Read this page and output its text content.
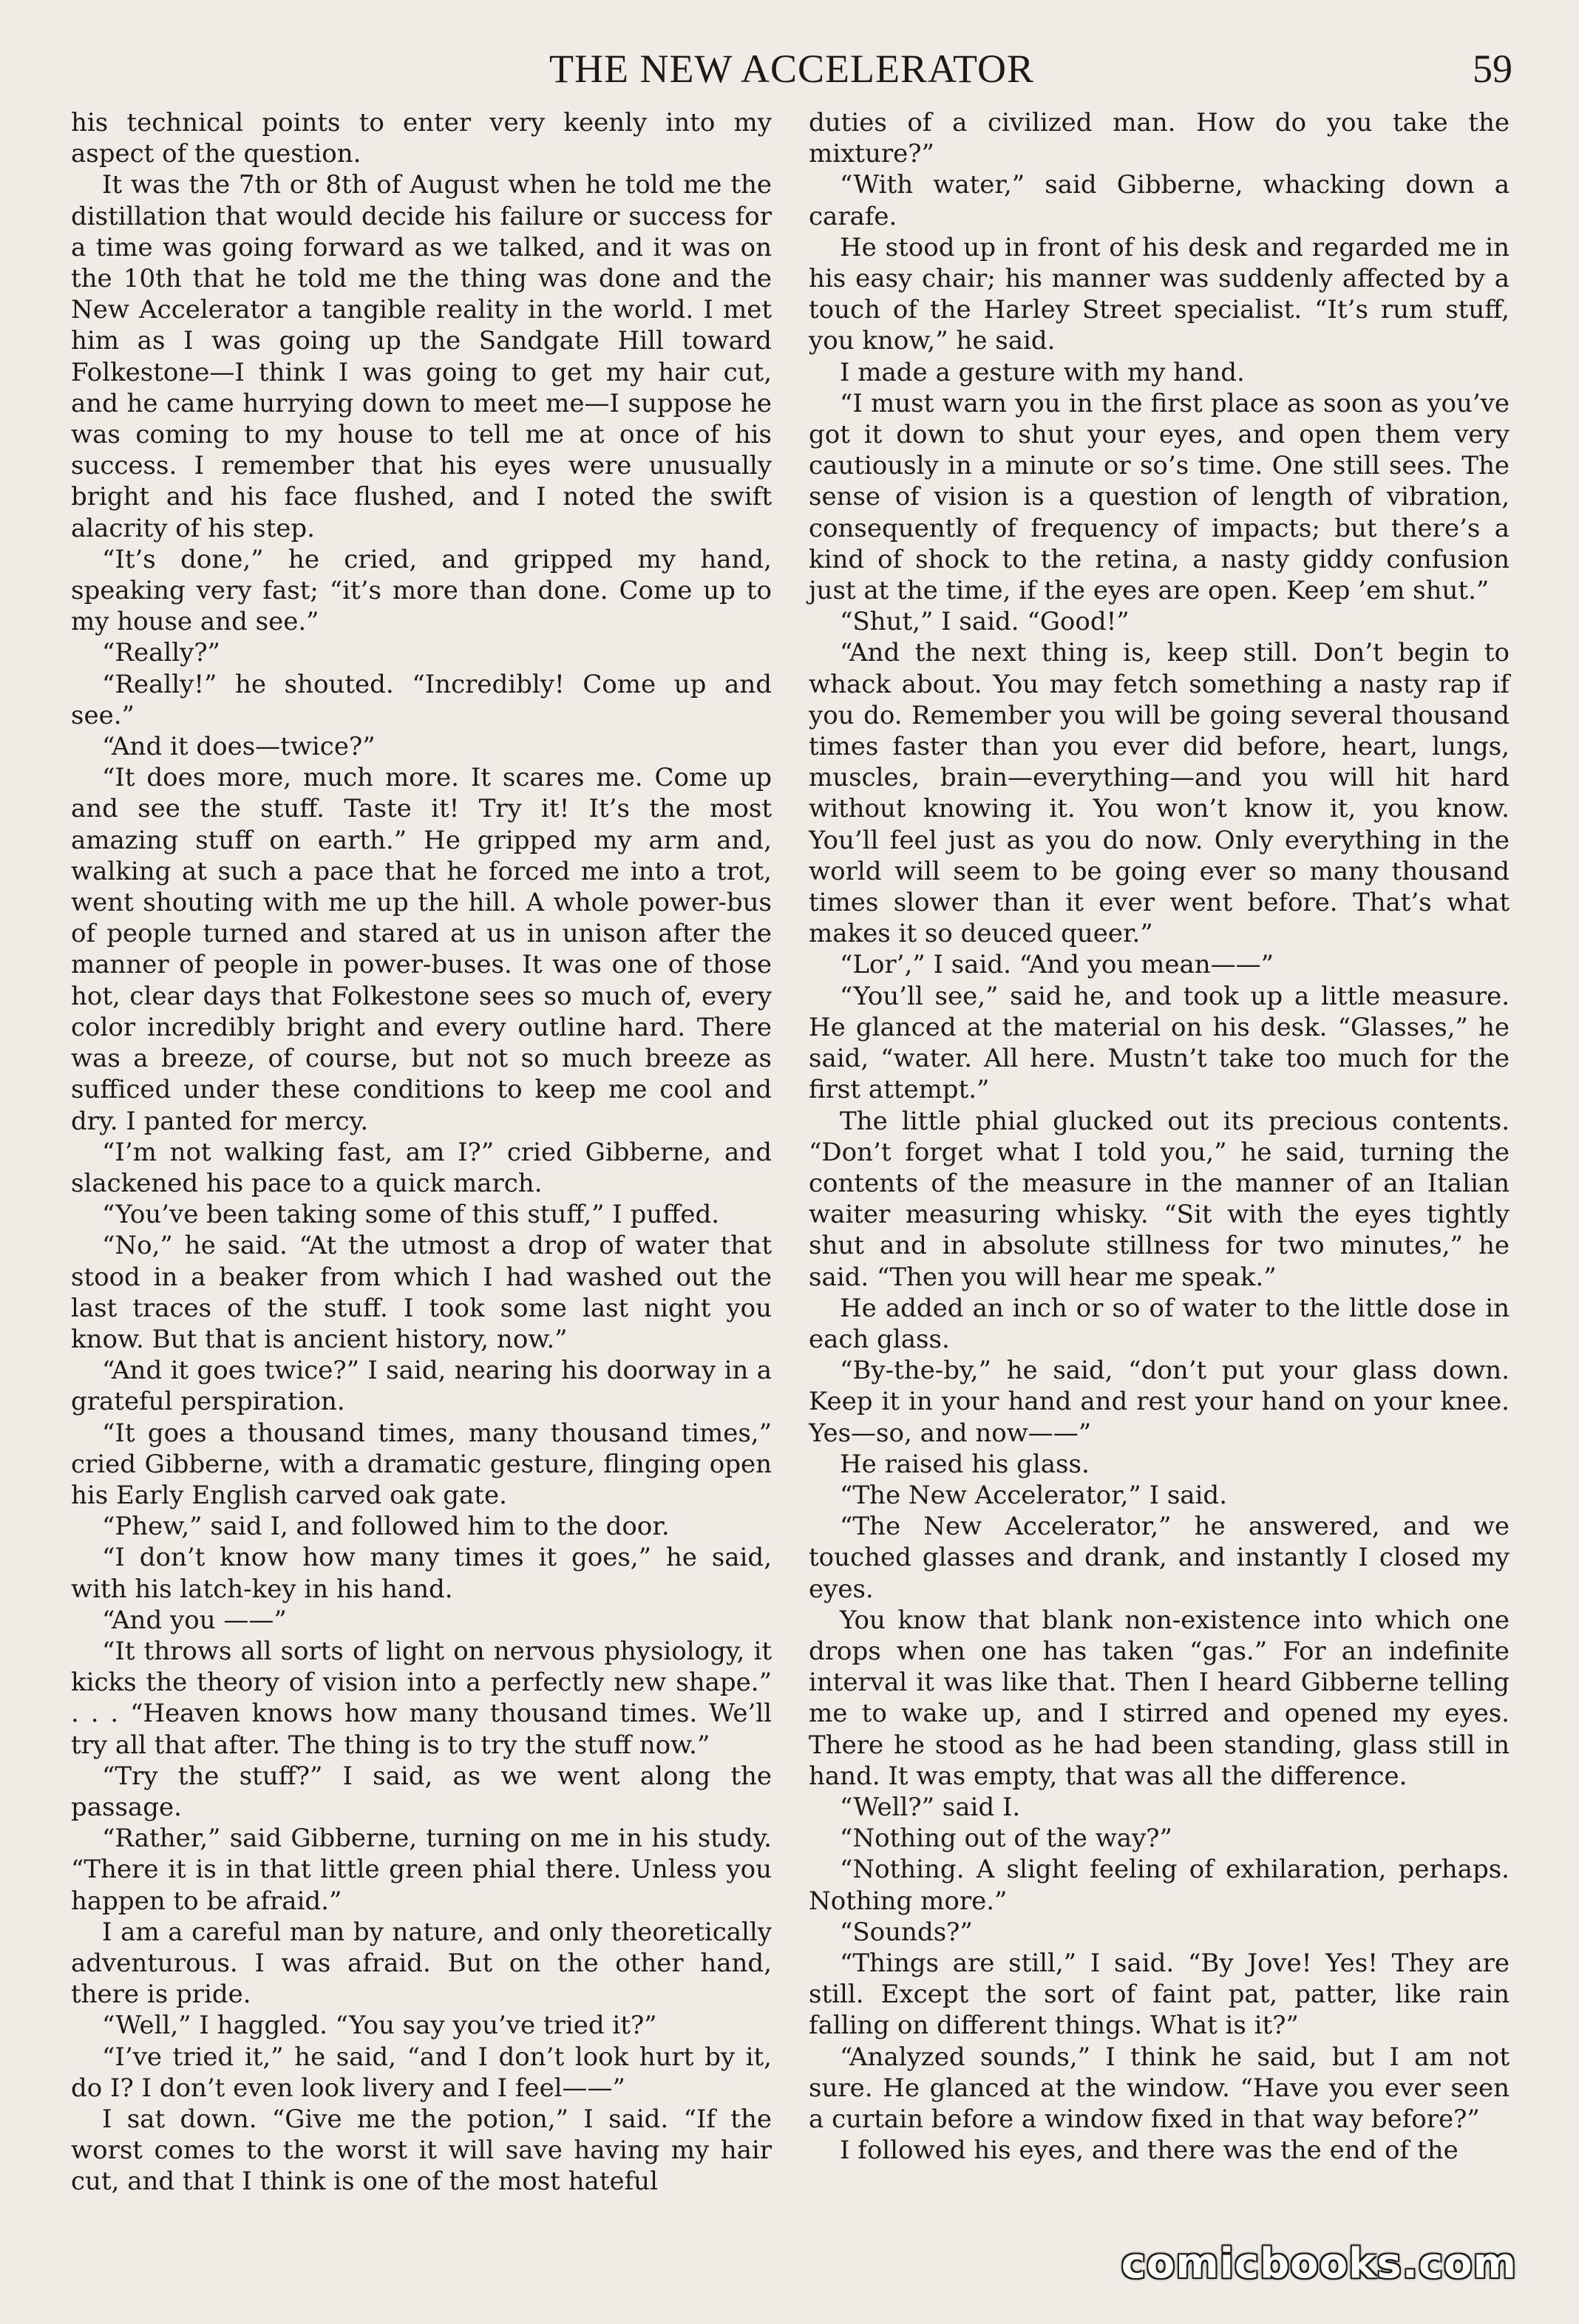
THE NEW ACCELERATOR	59

his technical points to enter very keenly into my aspect of the question.

It was the 7th or 8th of August when he told me the distillation that would decide his failure or success for a time was going forward as we talked, and it was on the 10th that he told me the thing was done and the New Accelerator a tangible reality in the world. I met him as I was going up the Sandgate Hill toward Folkestone—I think I was going to get my hair cut, and he came hurrying down to meet me—I suppose he was coming to my house to tell me at once of his success. I remember that his eyes were unusually bright and his face flushed, and I noted the swift alacrity of his step.

“It’s done,” he cried, and gripped my hand, speaking very fast; “it’s more than done. Come up to my house and see.”

“Really?”

“Really!” he shouted. “Incredibly! Come up and see.”

“And it does—twice?”

“It does more, much more. It scares me. Come up and see the stuff. Taste it! Try it! It’s the most amazing stuff on earth.” He gripped my arm and, walking at such a pace that he forced me into a trot, went shouting with me up the hill. A whole power-bus of people turned and stared at us in unison after the manner of people in power-buses. It was one of those hot, clear days that Folkestone sees so much of, every color incredibly bright and every outline hard. There was a breeze, of course, but not so much breeze as sufficed under these conditions to keep me cool and dry. I panted for mercy.

“I’m not walking fast, am I?” cried Gibberne, and slackened his pace to a quick march.

“You’ve been taking some of this stuff,” I puffed.

“No,” he said. “At the utmost a drop of water that stood in a beaker from which I had washed out the last traces of the stuff. I took some last night you know. But that is ancient history, now.”

“And it goes twice?” I said, nearing his doorway in a grateful perspiration.

“It goes a thousand times, many thousand times,” cried Gibberne, with a dramatic gesture, flinging open his Early English carved oak gate.

“Phew,” said I, and followed him to the door.

“I don’t know how many times it goes,” he said, with his latch-key in his hand.

“And you ——”

“It throws all sorts of light on nervous physiology, it kicks the theory of vision into a perfectly new shape.” . . . “Heaven knows how many thousand times. We’ll try all that after. The thing is to try the stuff now.”

“Try the stuff?” I said, as we went along the passage.

“Rather,” said Gibberne, turning on me in his study. “There it is in that little green phial there. Unless you happen to be afraid.”

I am a careful man by nature, and only theoretically adventurous. I was afraid. But on the other hand, there is pride.

“Well,” I haggled. “You say you’ve tried it?”

“I’ve tried it,” he said, “and I don’t look hurt by it, do I? I don’t even look livery and I feel——”

I sat down. “Give me the potion,” I said. “If the worst comes to the worst it will save having my hair cut, and that I think is one of the most hateful

duties of a civilized man. How do you take the mixture?”

“With water,” said Gibberne, whacking down a carafe.

He stood up in front of his desk and regarded me in his easy chair; his manner was suddenly affected by a touch of the Harley Street specialist. “It’s rum stuff, you know,” he said.

I made a gesture with my hand.

“I must warn you in the first place as soon as you’ve got it down to shut your eyes, and open them very cautiously in a minute or so’s time. One still sees. The sense of vision is a question of length of vibration, consequently of frequency of impacts; but there’s a kind of shock to the retina, a nasty giddy confusion just at the time, if the eyes are open. Keep ’em shut.”

“Shut,” I said. “Good!”

“And the next thing is, keep still. Don’t begin to whack about. You may fetch something a nasty rap if you do. Remember you will be going several thousand times faster than you ever did before, heart, lungs, muscles, brain—everything—and you will hit hard without knowing it. You won’t know it, you know. You’ll feel just as you do now. Only everything in the world will seem to be going ever so many thousand times slower than it ever went before. That’s what makes it so deuced queer.”

“Lor’,” I said. “And you mean——”

“You’ll see,” said he, and took up a little measure. He glanced at the material on his desk. “Glasses,” he said, “water. All here. Mustn’t take too much for the first attempt.”

The little phial glucked out its precious contents. “Don’t forget what I told you,” he said, turning the contents of the measure in the manner of an Italian waiter measuring whisky. “Sit with the eyes tightly shut and in absolute stillness for two minutes,” he said. “Then you will hear me speak.”

He added an inch or so of water to the little dose in each glass.

“By-the-by,” he said, “don’t put your glass down. Keep it in your hand and rest your hand on your knee. Yes—so, and now——”

He raised his glass.

“The New Accelerator,” I said.

“The New Accelerator,” he answered, and we touched glasses and drank, and instantly I closed my eyes.

You know that blank non-existence into which one drops when one has taken “gas.” For an indefinite interval it was like that. Then I heard Gibberne telling me to wake up, and I stirred and opened my eyes. There he stood as he had been standing, glass still in hand. It was empty, that was all the difference.

“Well?” said I.

“Nothing out of the way?”

“Nothing. A slight feeling of exhilaration, perhaps. Nothing more.”

“Sounds?”

“Things are still,” I said. “By Jove! Yes! They are still. Except the sort of faint pat, patter, like rain falling on different things. What is it?”

“Analyzed sounds,” I think he said, but I am not sure. He glanced at the window. “Have you ever seen a curtain before a window fixed in that way before?”

I followed his eyes, and there was the end of the

comicbooks.com
